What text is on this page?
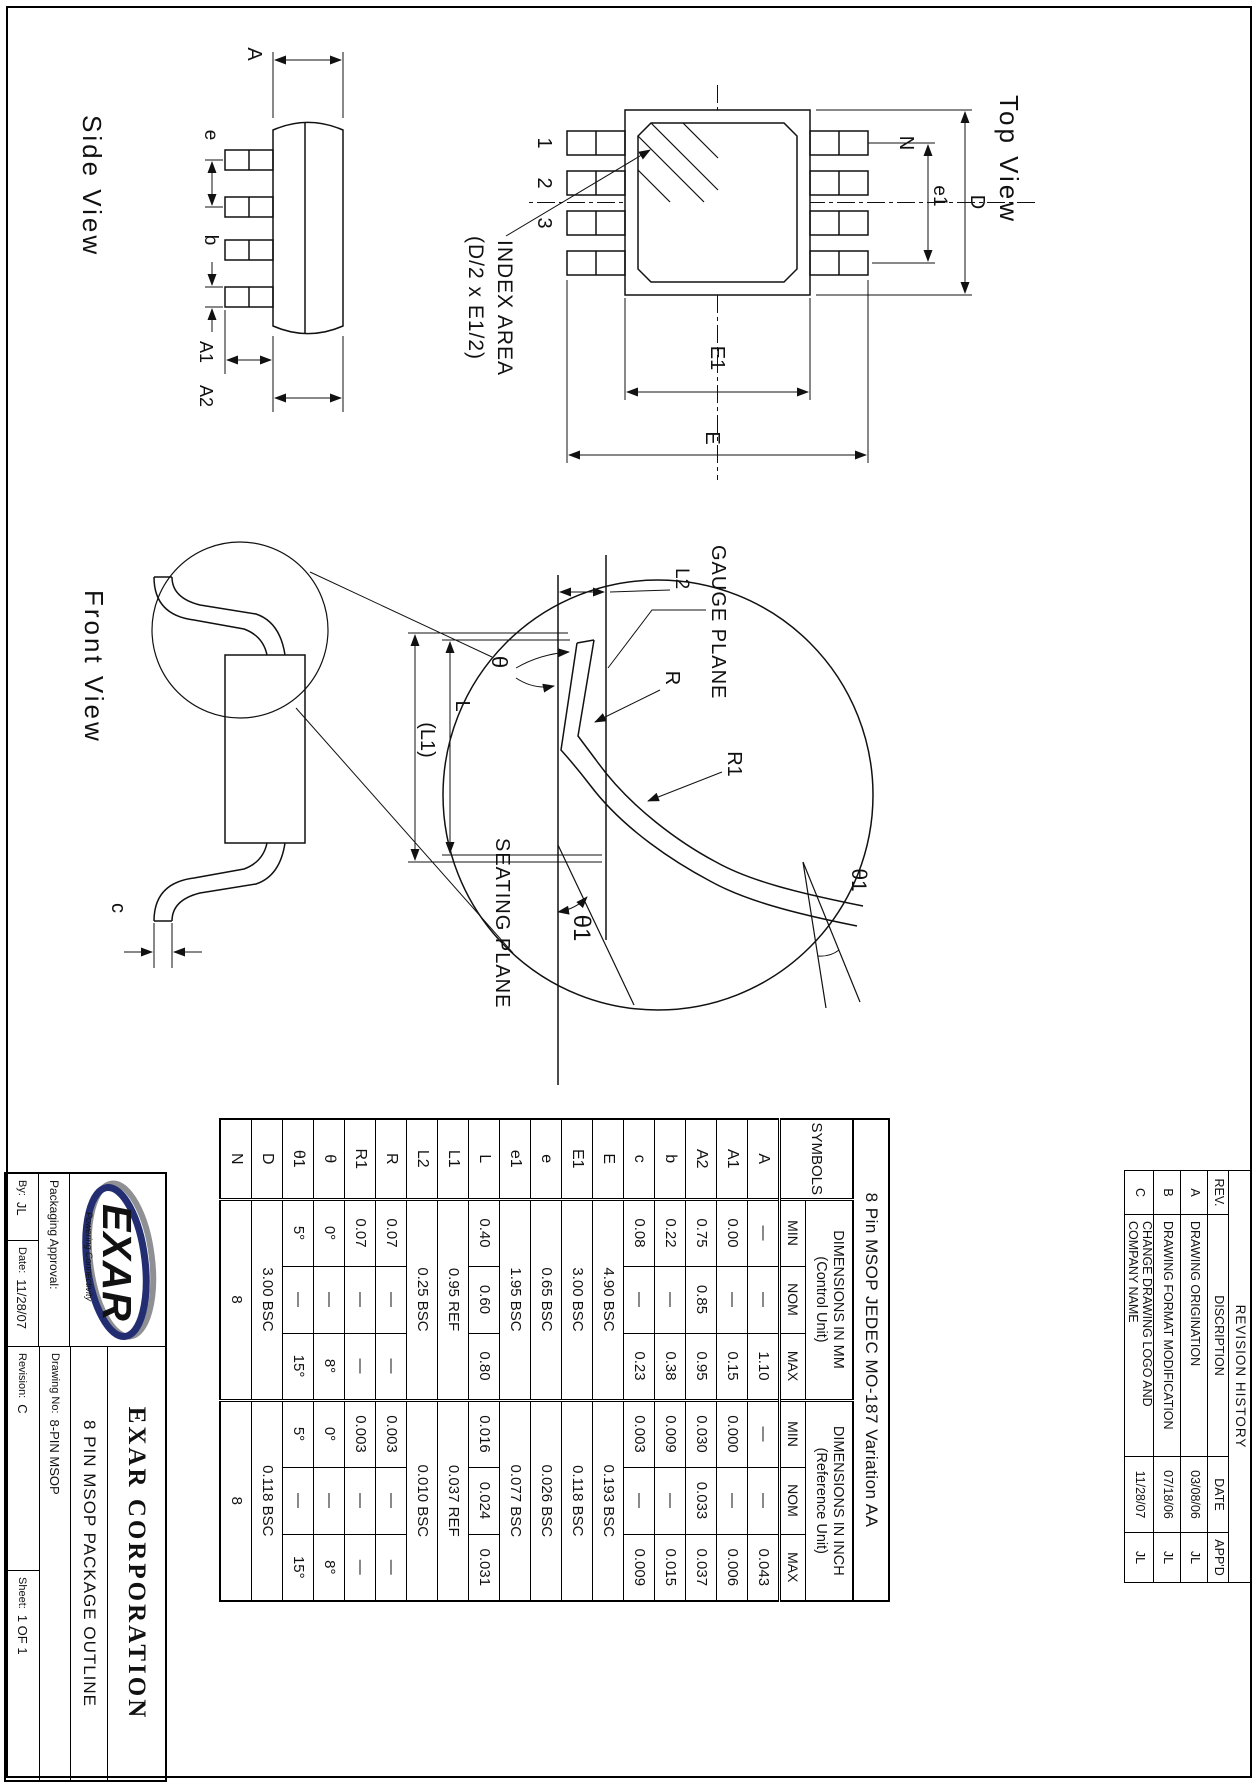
Top View
1
2
3
N
D
e1
E1
E
INDEX AREA
(D/2 x E1/2)
Side View
A
e
b
A1
A2
Front View
c	SEATING PLANE
GAUGE PLANE
L2
θ
R
R1
θ1
θ1
L
(L1)
8 Pin MSOP JEDEC MO-187 Variation AA						
SYMBOLS	
DIMENSIONS IN MM
(Control Unit)

DIMENSIONS IN INCH
(Reference Unit)

	MIN	NOM	MAX	MIN	NOM	MAX
A	—	—	1.10	—	—	0.043
A1	0.00	—	0.15	0.000	—	0.006
A2	0.75	0.85	0.95	0.030	0.033	0.037
b	0.22	—	0.38	0.009	—	0.015
c	0.08	—	0.23	0.003	—	0.009
E	4.90 BSC			0.193 BSC		
E1	3.00 BSC			0.118 BSC		
e	0.65 BSC			0.026 BSC		
e1	1.95 BSC			0.077 BSC		
L	0.40	0.60	0.80	0.016	0.024	0.031
L1	0.95 REF			0.037 REF		
L2	0.25 BSC			0.010 BSC		
R	0.07	—	—	0.003	—	—
R1	0.07	—	—	0.003	—	—
θ	0°	—	8°	0°	—	8°
θ1	5°	—	15°	5°	—	15°
D	3.00 BSC			0.118 BSC		
N	8			8		
REVISION HISTORY			
REV.	DISCRIPTION	DATE	APP'D
A	DRAWING ORIGINATION	03/08/06	JL
B	DRAWING FORMAT MODIFICATION	07/18/06	JL
C	CHANGE DRAWING LOGO AND COMPANY NAME	11/28/07	JL
EXAR
Powering Connectivity
Packaging Approval:
By:
JL
Date:
11/28/07
EXAR CORPORATION
8 PIN MSOP PACKAGE OUTLINE
Drawing No:
8-PIN MSOP
Revision:
C
Sheet:
1 OF 1
